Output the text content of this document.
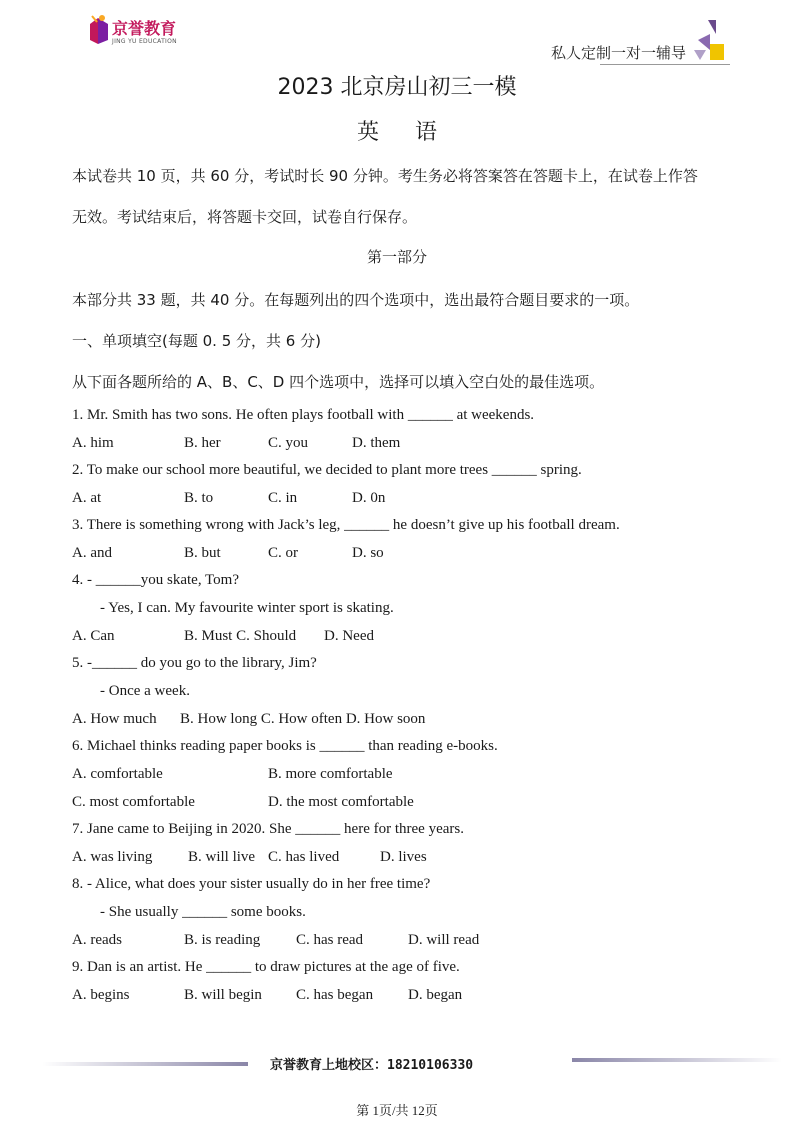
京誉教育
JING YU EDUCATION
私人定制一对一辅导
2023 北京房山初三一模
英语
本试卷共 10 页，共 60 分，考试时长 90 分钟。考生务必将答案答在答题卡上，在试卷上作答
无效。考试结束后，将答题卡交回，试卷自行保存。
第一部分
本部分共 33 题，共 40 分。在每题列出的四个选项中，选出最符合题目要求的一项。
一、单项填空(每题 0. 5 分，共 6 分)
从下面各题所给的 A、B、C、D 四个选项中，选择可以填入空白处的最佳选项。
1. Mr. Smith has two sons. He often plays football with ______ at weekends.
A. him	B. her	C. you	D. them
2. To make our school more beautiful, we decided to plant more trees ______ spring.
A. at	B. to	C. in	D. 0n
3. There is something wrong with Jack’s leg, ______ he doesn’t give up his football dream.
A. and	B. but	C. or	D. so
4. - ______you skate, Tom?
- Yes, I can. My favourite winter sport is skating.
A. Can	B. Must C. Should D. Need
5. -______ do you go to the library, Jim?
- Once a week.
A. How much B. How long C. How often D. How soon
6. Michael thinks reading paper books is ______ than reading e-books.
A. comfortable	B. more comfortable
C. most comfortable	D. the most comfortable
7. Jane came to Beijing in 2020. She ______ here for three years.
A. was living B. will live C. has lived	D. lives
8. - Alice, what does your sister usually do in her free time?
- She usually ______ some books.
A. reads	B. is reading C. has read	D. will read
9. Dan is an artist. He ______ to draw pictures at the age of five.
A. begins	B. will begin C. has began D. began
京誉教育上地校区：18210106330
第 1页/共 12页
